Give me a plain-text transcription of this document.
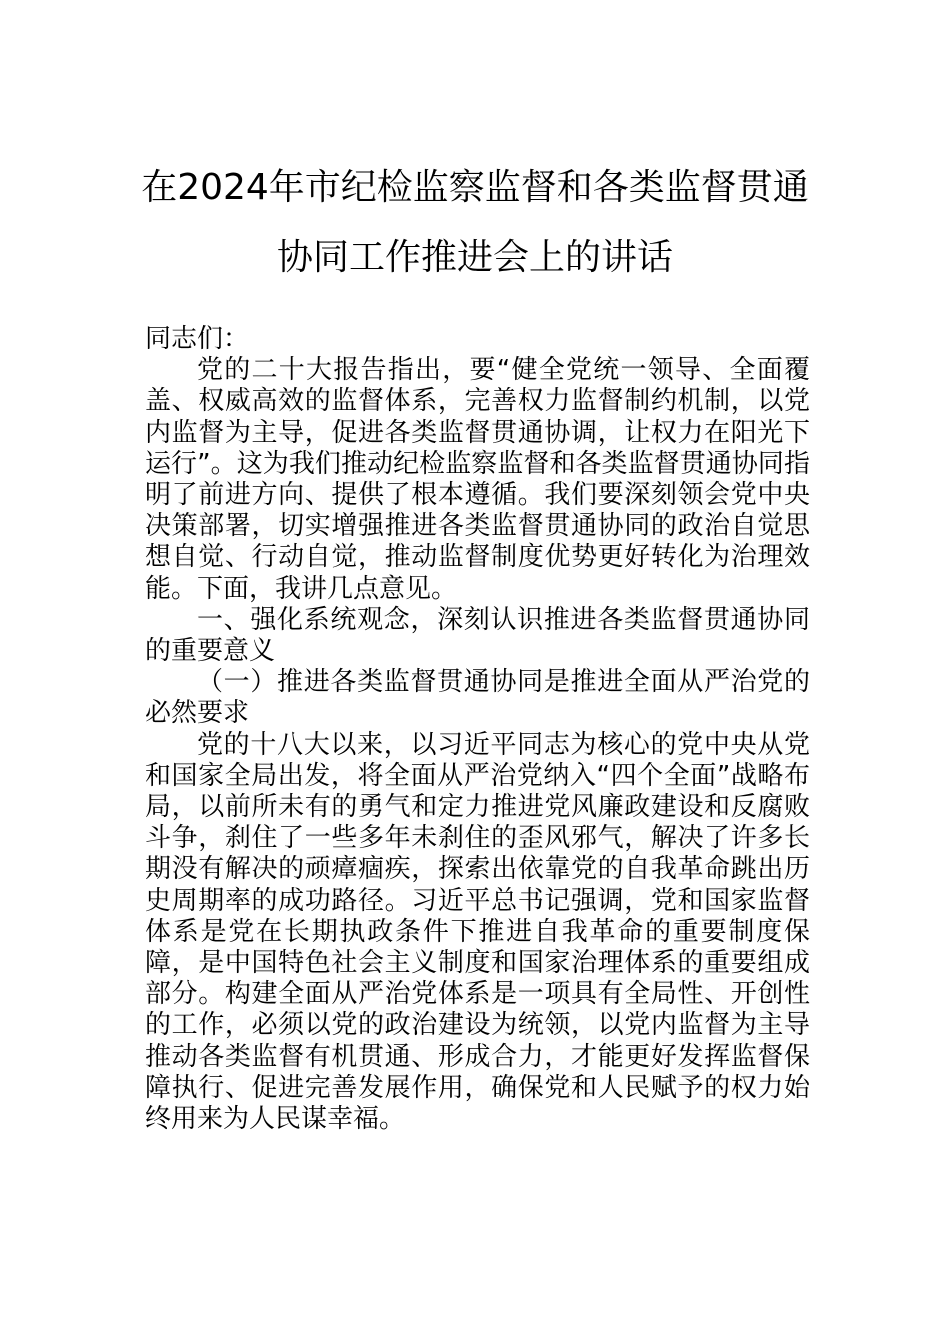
在2024年市纪检监察监督和各类监督贯通
协同工作推进会上的讲话

同志们：

党的二十大报告指出，要“健全党统一领导、全面覆盖、权威高效的监督体系，完善权力监督制约机制，以党内监督为主导，促进各类监督贯通协调，让权力在阳光下运行”。这为我们推动纪检监察监督和各类监督贯通协同指明了前进方向、提供了根本遵循。我们要深刻领会党中央决策部署，切实增强推进各类监督贯通协同的政治自觉思想自觉、行动自觉，推动监督制度优势更好转化为治理效能。下面，我讲几点意见。

一、强化系统观念，深刻认识推进各类监督贯通协同的重要意义

（一）推进各类监督贯通协同是推进全面从严治党的必然要求

党的十八大以来，以习近平同志为核心的党中央从党和国家全局出发，将全面从严治党纳入“四个全面”战略布局，以前所未有的勇气和定力推进党风廉政建设和反腐败斗争，刹住了一些多年未刹住的歪风邪气，解决了许多长期没有解决的顽瘴痼疾，探索出依靠党的自我革命跳出历史周期率的成功路径。习近平总书记强调，党和国家监督体系是党在长期执政条件下推进自我革命的重要制度保障，是中国特色社会主义制度和国家治理体系的重要组成部分。构建全面从严治党体系是一项具有全局性、开创性的工作，必须以党的政治建设为统领，以党内监督为主导推动各类监督有机贯通、形成合力，才能更好发挥监督保障执行、促进完善发展作用，确保党和人民赋予的权力始终用来为人民谋幸福。
